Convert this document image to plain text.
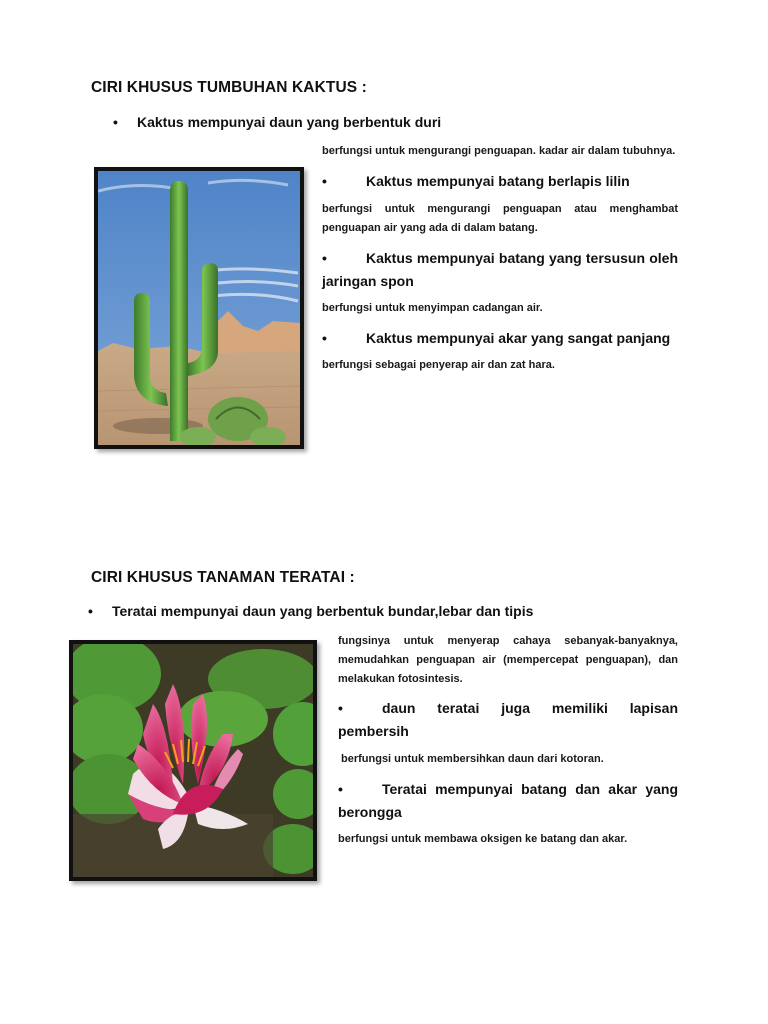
CIRI KHUSUS TUMBUHAN KAKTUS :
• Kaktus mempunyai daun yang berbentuk duri

berfungsi untuk mengurangi penguapan. kadar air dalam tubuhnya.

•	Kaktus mempunyai batang berlapis lilin

berfungsi untuk mengurangi penguapan atau menghambat penguapan air yang ada di dalam batang.

•	Kaktus mempunyai batang yang tersusun oleh jaringan spon

berfungsi untuk menyimpan cadangan air.

•	Kaktus mempunyai akar yang sangat panjang

berfungsi sebagai penyerap air dan zat hara.

CIRI KHUSUS TANAMAN TERATAI :
• Teratai mempunyai daun yang berbentuk bundar,lebar dan tipis

fungsinya untuk menyerap cahaya sebanyak-banyaknya, memudahkan penguapan air (mempercepat penguapan), dan melakukan fotosintesis.

•	daun teratai juga memiliki lapisan pembersih

berfungsi untuk membersihkan daun dari kotoran.

•	Teratai mempunyai batang dan akar yang berongga

berfungsi untuk membawa oksigen ke batang dan akar.
